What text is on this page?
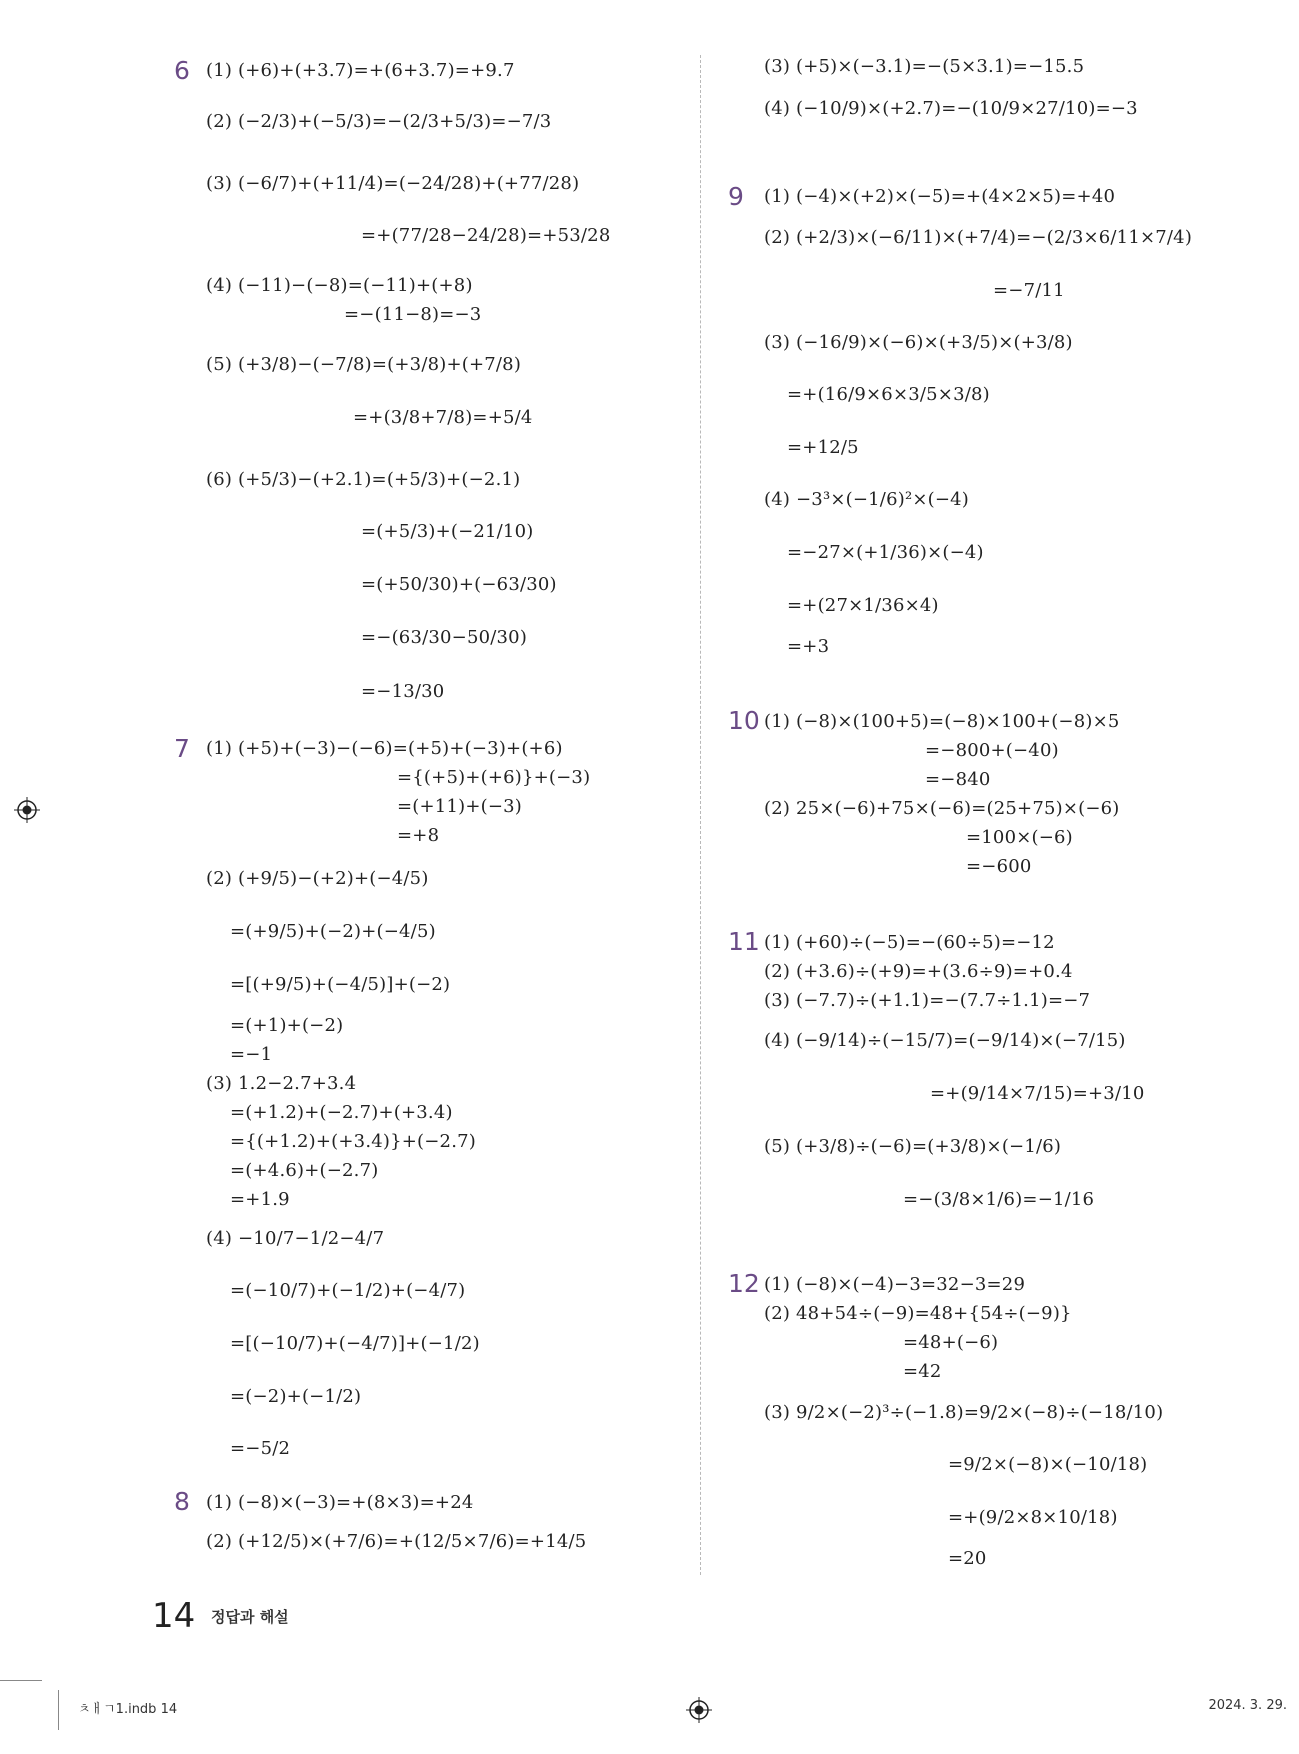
(1) (+6)+(+3.7)=+(6+3.7)=+9.7
(2) (−2/3)+(−5/3)=−(2/3+5/3)=−7/3
(3) (−6/7)+(+11/4)=(−24/28)+(+77/28)
=+(77/28−24/28)=+53/28
(4) (−11)−(−8)=(−11)+(+8)
=−(11−8)=−3
(5) (+3/8)−(−7/8)=(+3/8)+(+7/8)
=+(3/8+7/8)=+5/4
(6) (+5/3)−(+2.1)=(+5/3)+(−2.1)
=(+5/3)+(−21/10)
=(+50/30)+(−63/30)
=−(63/30−50/30)
=−13/30
(1) (+5)+(−3)−(−6)=(+5)+(−3)+(+6)
={(+5)+(+6)}+(−3)
=(+11)+(−3)
=+8
(2) (+9/5)−(+2)+(−4/5)
=(+9/5)+(−2)+(−4/5)
=[(+9/5)+(−4/5)]+(−2)
=(+1)+(−2)
=−1
(3) 1.2−2.7+3.4
=(+1.2)+(−2.7)+(+3.4)
={(+1.2)+(+3.4)}+(−2.7)
=(+4.6)+(−2.7)
=+1.9
(4) −10/7−1/2−4/7
=(−10/7)+(−1/2)+(−4/7)
=[(−10/7)+(−4/7)]+(−1/2)
=(−2)+(−1/2)
=−5/2
(1) (−8)×(−3)=+(8×3)=+24
(2) (+12/5)×(+7/6)=+(12/5×7/6)=+14/5
(3) (+5)×(−3.1)=−(5×3.1)=−15.5
(4) (−10/9)×(+2.7)=−(10/9×27/10)=−3
(1) (−4)×(+2)×(−5)=+(4×2×5)=+40
(2) (+2/3)×(−6/11)×(+7/4)=−(2/3×6/11×7/4)
=−7/11
(3) (−16/9)×(−6)×(+3/5)×(+3/8)
=+(16/9×6×3/5×3/8)
=+12/5
(4) −3³×(−1/6)²×(−4)
=−27×(+1/36)×(−4)
=+(27×1/36×4)
=+3
(1) (−8)×(100+5)=(−8)×100+(−8)×5
=−800+(−40)
=−840
(2) 25×(−6)+75×(−6)=(25+75)×(−6)
=100×(−6)
=−600
(1) (+60)÷(−5)=−(60÷5)=−12
(2) (+3.6)÷(+9)=+(3.6÷9)=+0.4
(3) (−7.7)÷(+1.1)=−(7.7÷1.1)=−7
(4) (−9/14)÷(−15/7)=(−9/14)×(−7/15)
=+(9/14×7/15)=+3/10
(5) (+3/8)÷(−6)=(+3/8)×(−1/6)
=−(3/8×1/6)=−1/16
(1) (−8)×(−4)−3=32−3=29
(2) 48+54÷(−9)=48+{54÷(−9)}
=48+(−6)
=42
(3) 9/2×(−2)³÷(−1.8)=9/2×(−8)÷(−18/10)
=9/2×(−8)×(−10/18)
=+(9/2×8×10/18)
=20
6
7
8
9
10
11
12
14 정답과 해설
ㅊㅐㄱ1.indb 14	2024. 3. 29.
